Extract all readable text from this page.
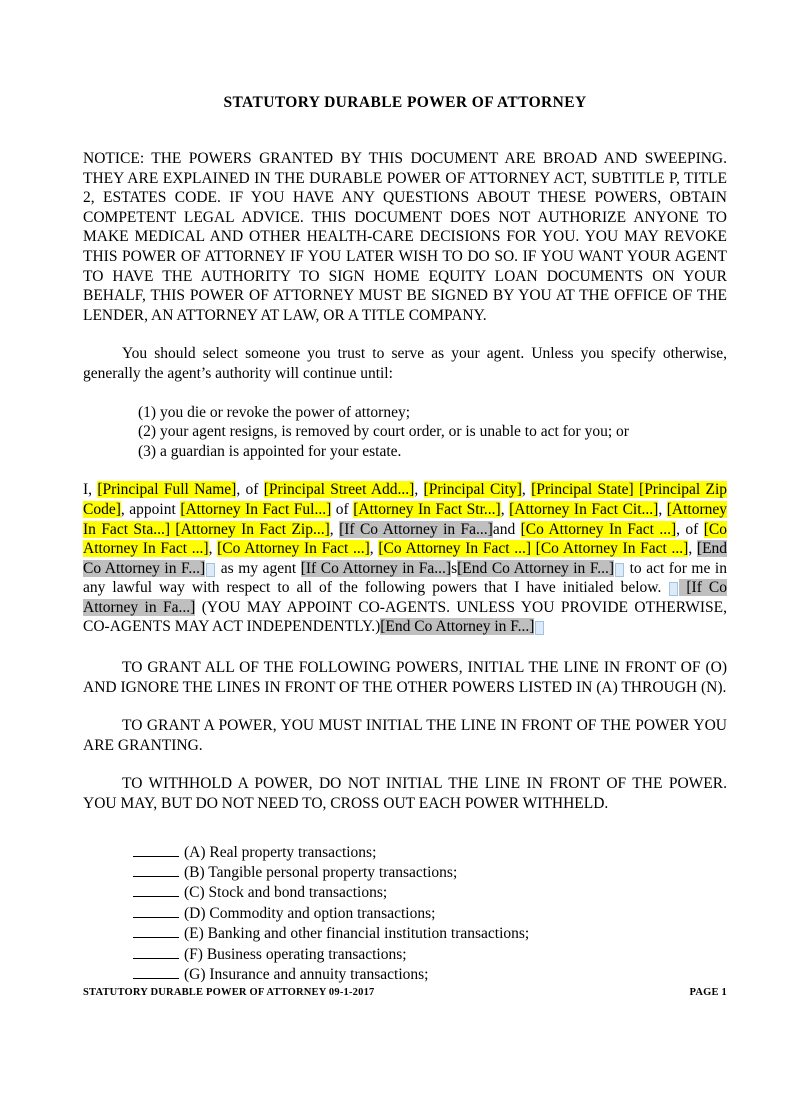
STATUTORY DURABLE POWER OF ATTORNEY

NOTICE: THE POWERS GRANTED BY THIS DOCUMENT ARE BROAD AND SWEEPING. THEY ARE EXPLAINED IN THE DURABLE POWER OF ATTORNEY ACT, SUBTITLE P, TITLE 2, ESTATES CODE. IF YOU HAVE ANY QUESTIONS ABOUT THESE POWERS, OBTAIN COMPETENT LEGAL ADVICE. THIS DOCUMENT DOES NOT AUTHORIZE ANYONE TO MAKE MEDICAL AND OTHER HEALTH-CARE DECISIONS FOR YOU. YOU MAY REVOKE THIS POWER OF ATTORNEY IF YOU LATER WISH TO DO SO. IF YOU WANT YOUR AGENT TO HAVE THE AUTHORITY TO SIGN HOME EQUITY LOAN DOCUMENTS ON YOUR BEHALF, THIS POWER OF ATTORNEY MUST BE SIGNED BY YOU AT THE OFFICE OF THE LENDER, AN ATTORNEY AT LAW, OR A TITLE COMPANY.

You should select someone you trust to serve as your agent. Unless you specify otherwise, generally the agent’s authority will continue until:

(1) you die or revoke the power of attorney;
(2) your agent resigns, is removed by court order, or is unable to act for you; or
(3) a guardian is appointed for your estate.

I, [Principal Full Name], of [Principal Street Add...], [Principal City], [Principal State] [Principal Zip Code], appoint [Attorney In Fact Ful...] of [Attorney In Fact Str...], [Attorney In Fact Cit...], [Attorney In Fact Sta...] [Attorney In Fact Zip...], [If Co Attorney in Fa...]and [Co Attorney In Fact ...], of [Co Attorney In Fact ...], [Co Attorney In Fact ...], [Co Attorney In Fact ...] [Co Attorney In Fact ...], [End Co Attorney in F...] as my agent [If Co Attorney in Fa...]s[End Co Attorney in F...] to act for me in any lawful way with respect to all of the following powers that I have initialed below.  [If Co Attorney in Fa...] (YOU MAY APPOINT CO-AGENTS. UNLESS YOU PROVIDE OTHERWISE, CO-AGENTS MAY ACT INDEPENDENTLY.)[End Co Attorney in F...]

TO GRANT ALL OF THE FOLLOWING POWERS, INITIAL THE LINE IN FRONT OF (O) AND IGNORE THE LINES IN FRONT OF THE OTHER POWERS LISTED IN (A) THROUGH (N).

TO GRANT A POWER, YOU MUST INITIAL THE LINE IN FRONT OF THE POWER YOU ARE GRANTING.

TO WITHHOLD A POWER, DO NOT INITIAL THE LINE IN FRONT OF THE POWER. YOU MAY, BUT DO NOT NEED TO, CROSS OUT EACH POWER WITHHELD.

(A) Real property transactions;
(B) Tangible personal property transactions;
(C) Stock and bond transactions;
(D) Commodity and option transactions;
(E) Banking and other financial institution transactions;
(F) Business operating transactions;
(G) Insurance and annuity transactions;
STATUTORY DURABLE POWER OF ATTORNEY 09-1-2017	PAGE 1
